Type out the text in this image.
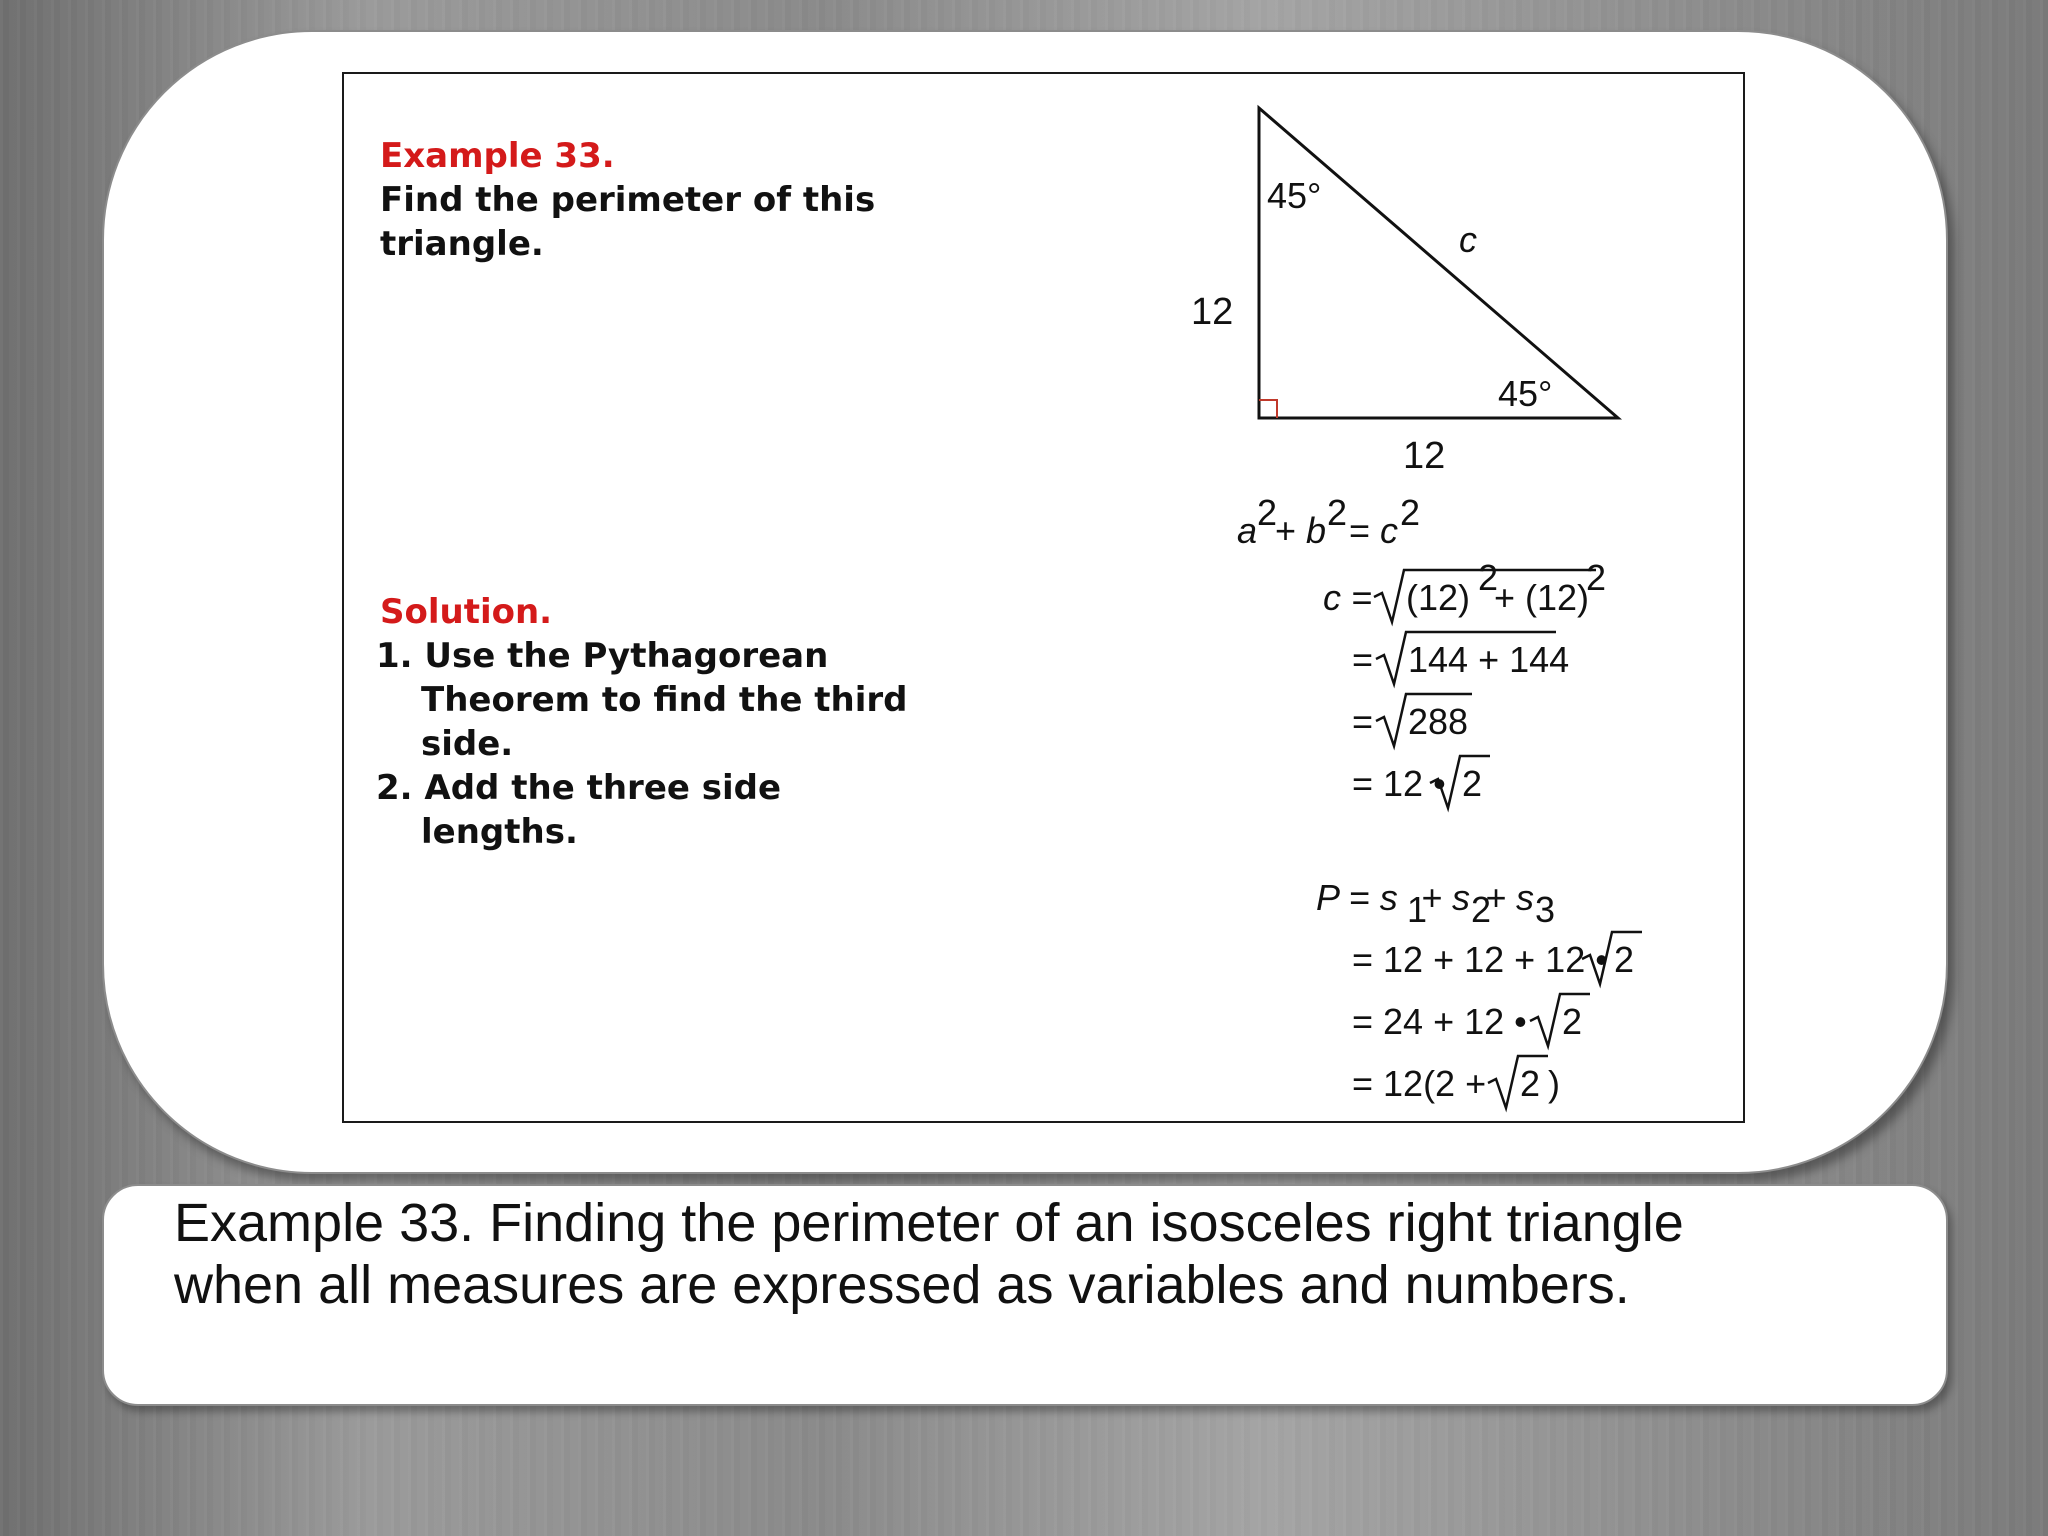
Example 33.
Find the perimeter of this
triangle.
Solution.
1. Use the Pythagorean
Theorem to find the third
side.
2. Add the three side
lengths.
45°
45°
c
12
12
a 2
+ b 2 = c 2
c = (12) 2
+ (12)
2
= 144 + 144
= 288
= 12 • 2
P = s 1
+ s 2
+ s 3
= 12 + 12 + 12 • 2
= 24 + 12 • 2
= 12(2 + 2 )

Example 33. Finding the perimeter of an isosceles right triangle
when all measures are expressed as variables and numbers.
